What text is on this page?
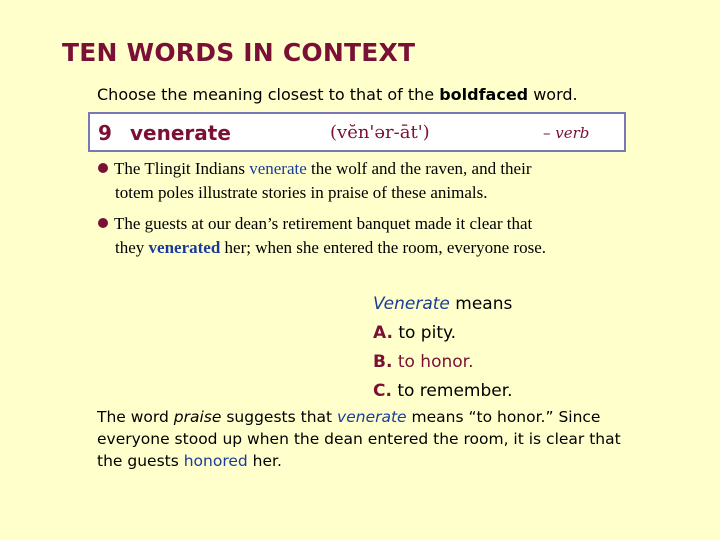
TEN WORDS IN CONTEXT
Choose the meaning closest to that of the boldfaced word.
9 venerate	(vĕn'ər-āt')	– verb
The Tlingit Indians venerate the wolf and the raven, and their
totem poles illustrate stories in praise of these animals.
The guests at our dean’s retirement banquet made it clear that
they venerated her; when she entered the room, everyone rose.
Venerate means
A. to pity.
B. to honor.
C. to remember.
The word praise suggests that venerate means “to honor.” Since everyone stood up when the dean entered the room, it is clear that the guests honored her.
